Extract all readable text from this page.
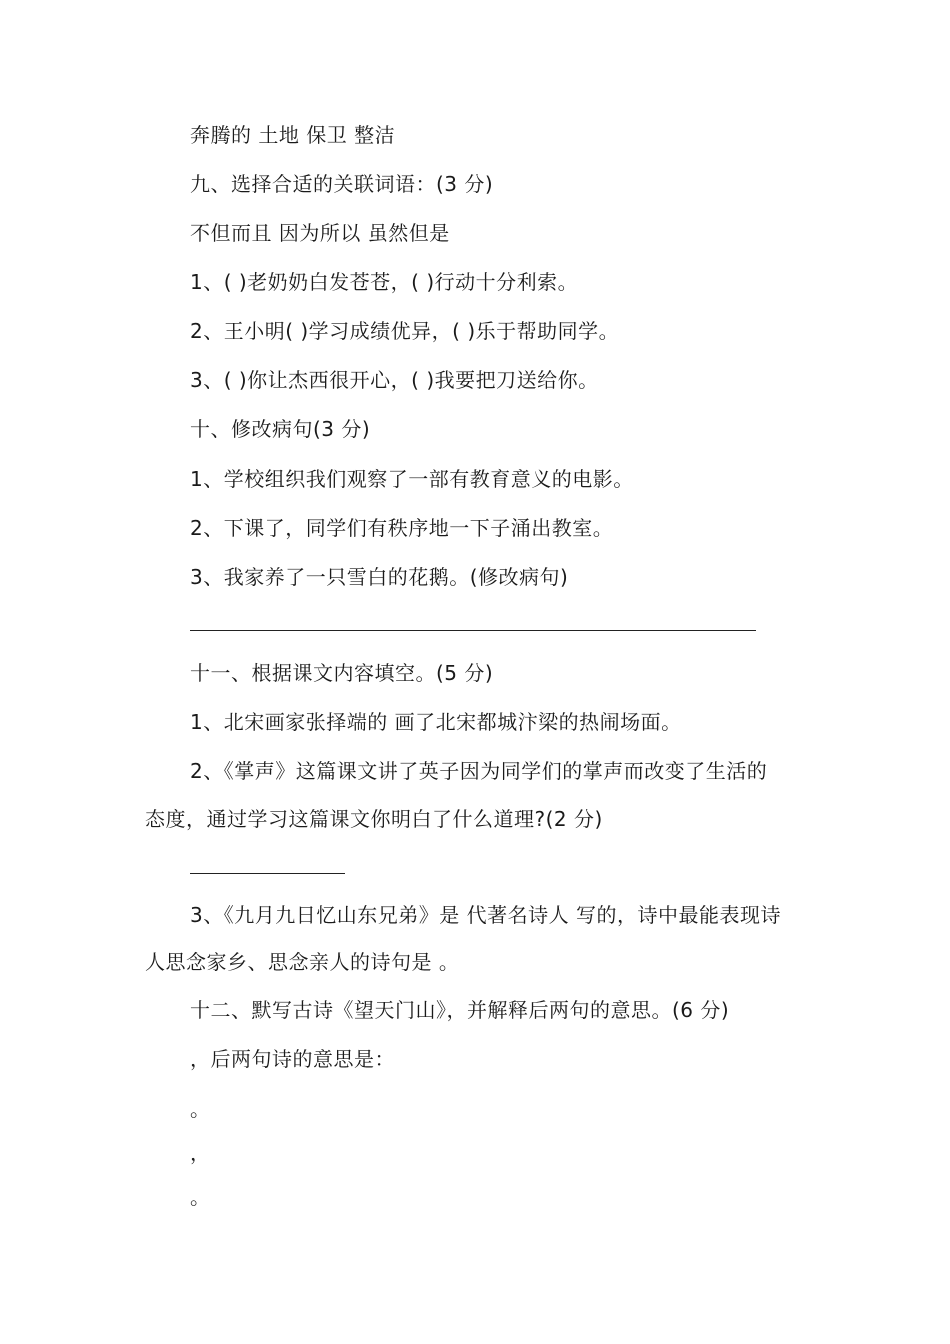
奔腾的 土地 保卫 整洁
九、选择合适的关联词语：(3 分)
不但而且 因为所以 虽然但是
1、( )老奶奶白发苍苍，( )行动十分利索。
2、王小明( )学习成绩优异，( )乐于帮助同学。
3、( )你让杰西很开心，( )我要把刀送给你。
十、修改病句(3 分)
1、学校组织我们观察了一部有教育意义的电影。
2、下课了，同学们有秩序地一下子涌出教室。
3、我家养了一只雪白的花鹅。(修改病句)
十一、根据课文内容填空。(5 分)
1、北宋画家张择端的 画了北宋都城汴梁的热闹场面。
2、《掌声》这篇课文讲了英子因为同学们的掌声而改变了生活的
态度，通过学习这篇课文你明白了什么道理?(2 分)
3、《九月九日忆山东兄弟》是 代著名诗人 写的，诗中最能表现诗
人思念家乡、思念亲人的诗句是 。
十二、默写古诗《望天门山》，并解释后两句的意思。(6 分)
，后两句诗的意思是：
。
，
。
